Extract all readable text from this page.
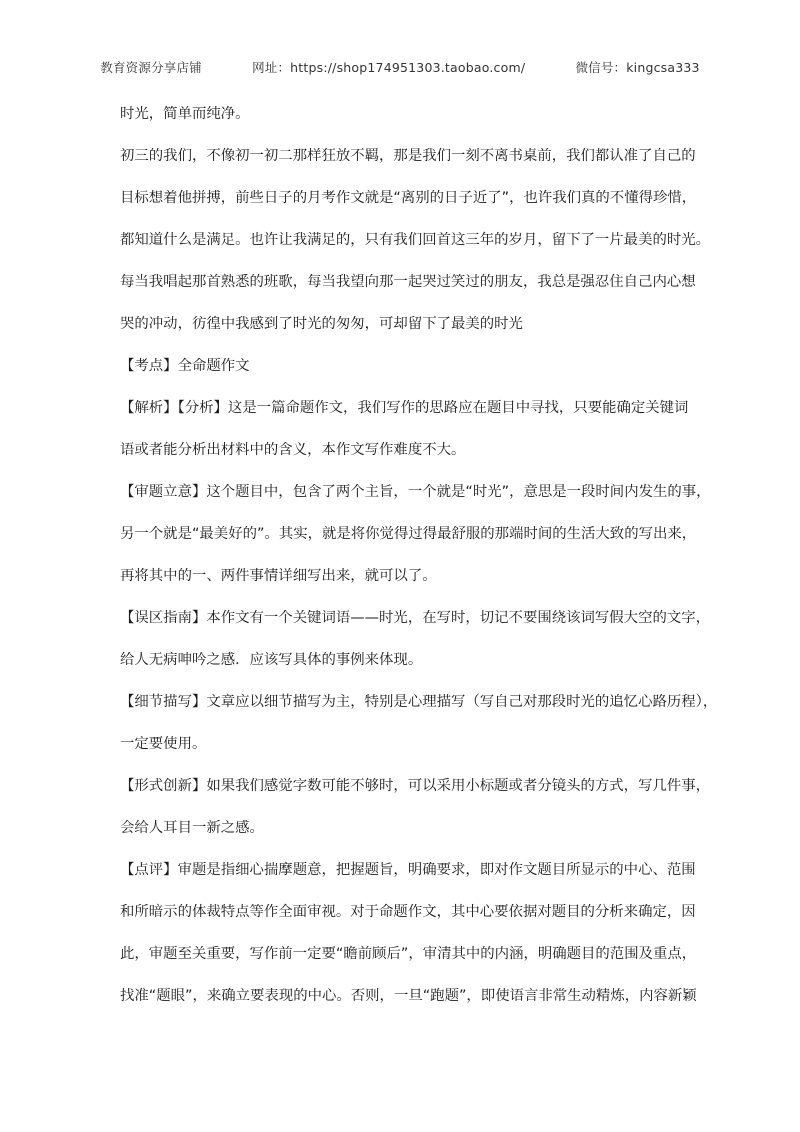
教育资源分享店铺	网址：https://shop174951303.taobao.com/	微信号：kingcsa333
时光，简单而纯净。
初三的我们，不像初一初二那样狂放不羁，那是我们一刻不离书桌前，我们都认准了自己的
目标想着他拼搏，前些日子的月考作文就是“离别的日子近了”，也许我们真的不懂得珍惜，
都知道什么是满足。也许让我满足的，只有我们回首这三年的岁月，留下了一片最美的时光。
每当我唱起那首熟悉的班歌，每当我望向那一起哭过笑过的朋友，我总是强忍住自己内心想
哭的冲动，彷徨中我感到了时光的匆匆，可却留下了最美的时光
【考点】全命题作文
【解析】【分析】这是一篇命题作文，我们写作的思路应在题目中寻找，只要能确定关键词
语或者能分析出材料中的含义，本作文写作难度不大。
【审题立意】这个题目中，包含了两个主旨，一个就是“时光”，意思是一段时间内发生的事，
另一个就是“最美好的”。其实，就是将你觉得过得最舒服的那端时间的生活大致的写出来，
再将其中的一、两件事情详细写出来，就可以了。
【误区指南】本作文有一个关键词语——时光，在写时，切记不要围绕该词写假大空的文字，
给人无病呻吟之感．应该写具体的事例来体现。
【细节描写】文章应以细节描写为主，特别是心理描写（写自己对那段时光的追忆心路历程），
一定要使用。
【形式创新】如果我们感觉字数可能不够时，可以采用小标题或者分镜头的方式，写几件事，
会给人耳目一新之感。
【点评】审题是指细心揣摩题意，把握题旨，明确要求，即对作文题目所显示的中心、范围
和所暗示的体裁特点等作全面审视。对于命题作文，其中心要依据对题目的分析来确定，因
此，审题至关重要，写作前一定要“瞻前顾后”，审清其中的内涵，明确题目的范围及重点，
找准“题眼”，来确立要表现的中心。否则，一旦“跑题”，即使语言非常生动精炼，内容新颖
